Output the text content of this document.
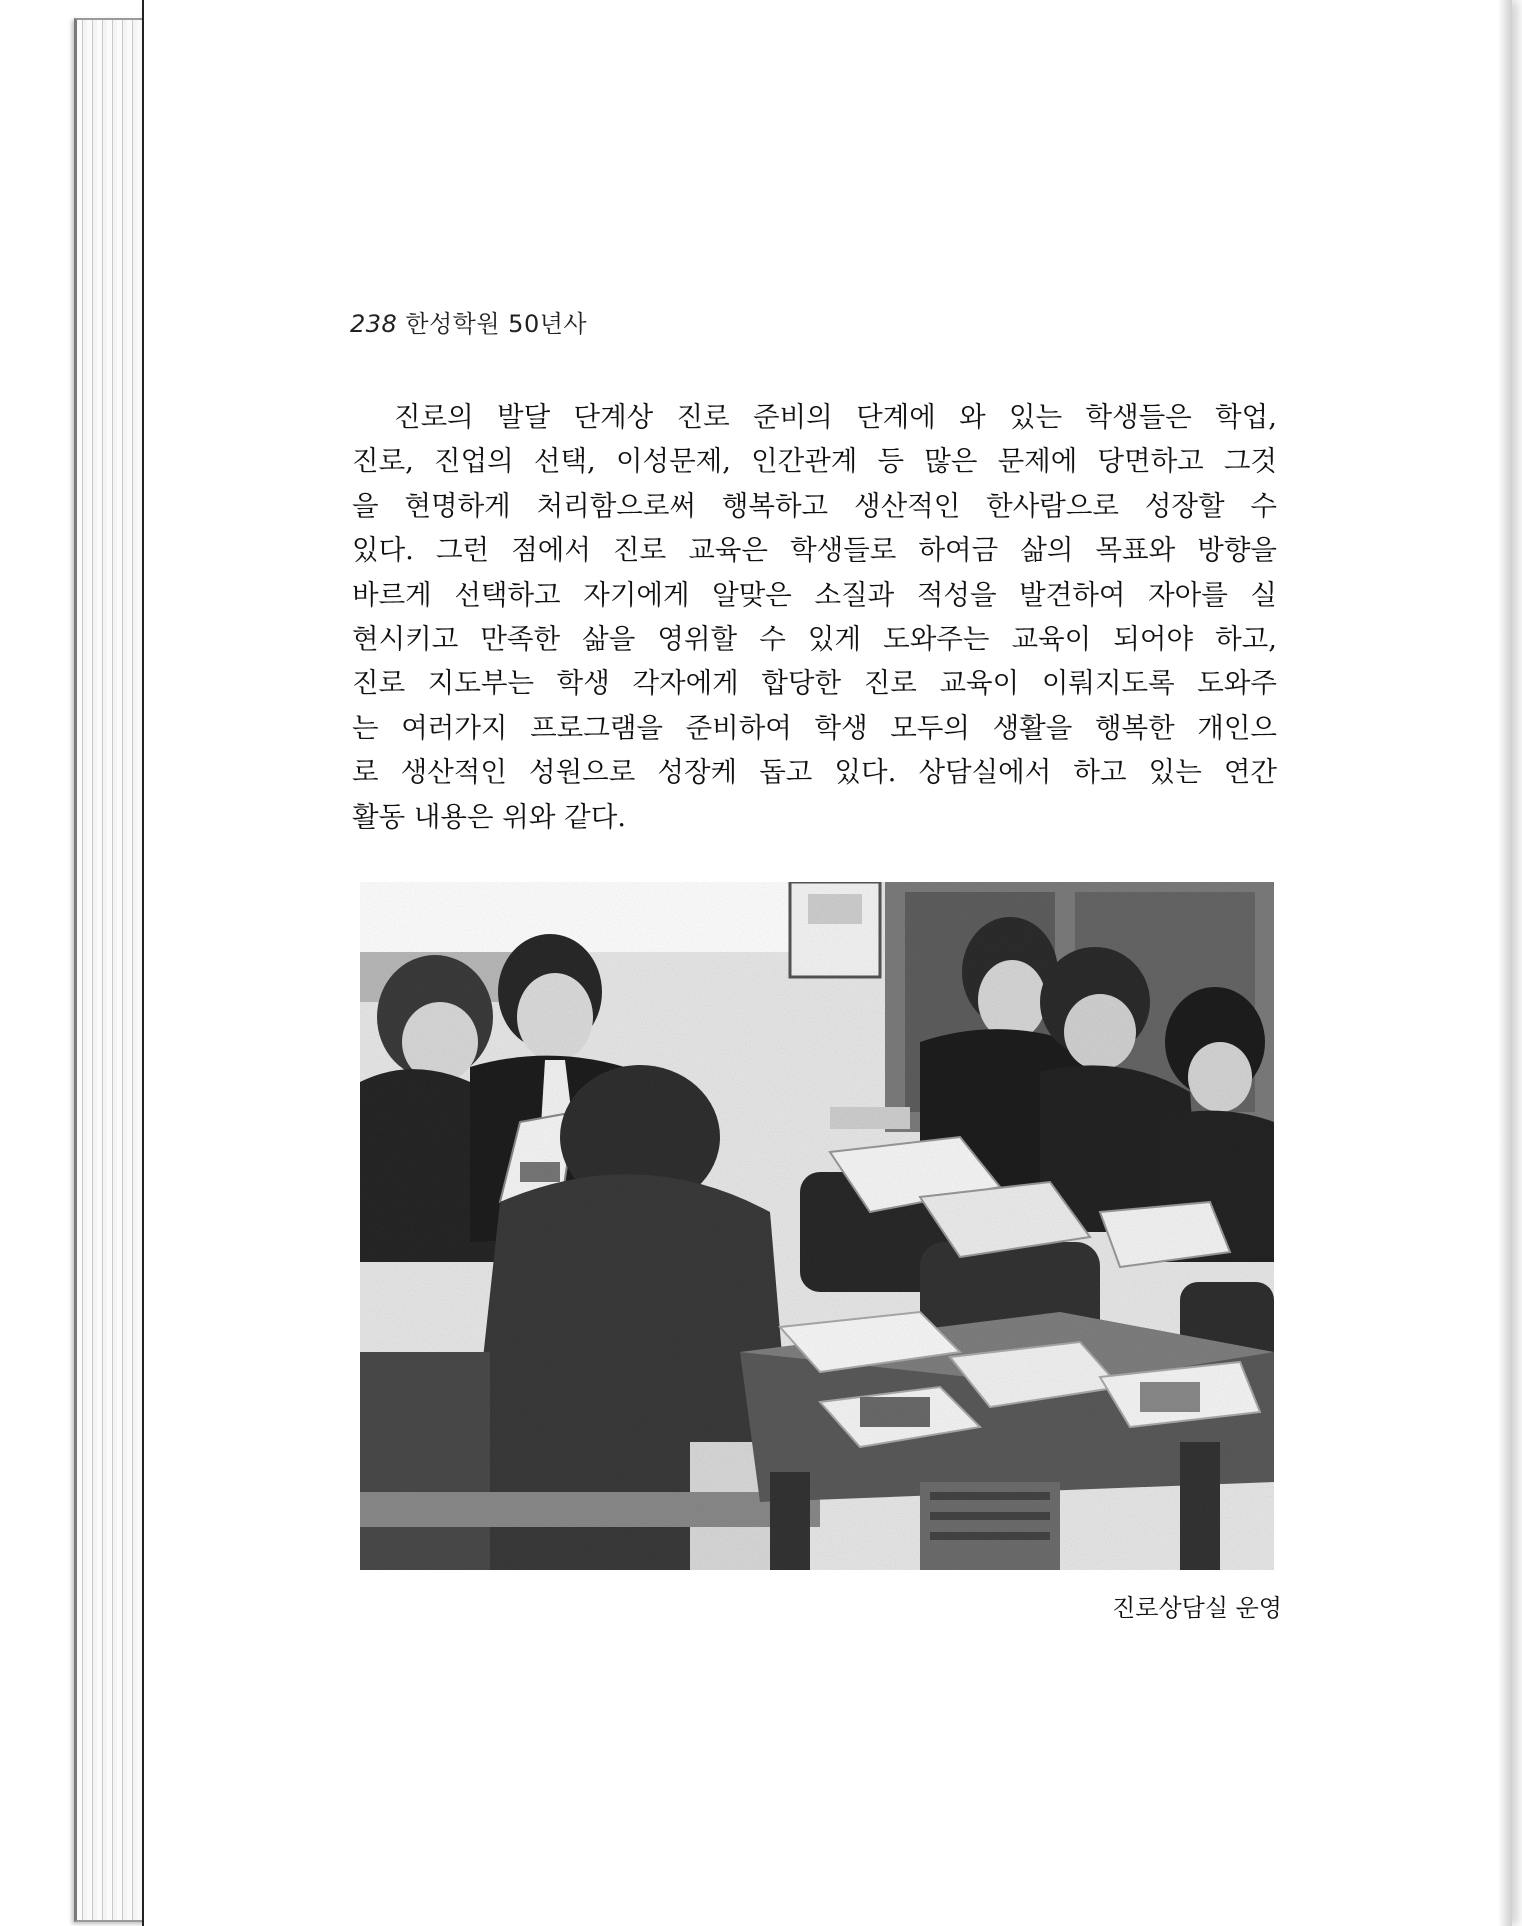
238 한성학원 50년사
진로의 발달 단계상 진로 준비의 단계에 와 있는 학생들은 학업,
진로, 진업의 선택, 이성문제, 인간관계 등 많은 문제에 당면하고 그것
을 현명하게 처리함으로써 행복하고 생산적인 한사람으로 성장할 수
있다. 그런 점에서 진로 교육은 학생들로 하여금 삶의 목표와 방향을
바르게 선택하고 자기에게 알맞은 소질과 적성을 발견하여 자아를 실
현시키고 만족한 삶을 영위할 수 있게 도와주는 교육이 되어야 하고,
진로 지도부는 학생 각자에게 합당한 진로 교육이 이뤄지도록 도와주
는 여러가지 프로그램을 준비하여 학생 모두의 생활을 행복한 개인으
로 생산적인 성원으로 성장케 돕고 있다. 상담실에서 하고 있는 연간
활동 내용은 위와 같다.
진로상담실 운영
